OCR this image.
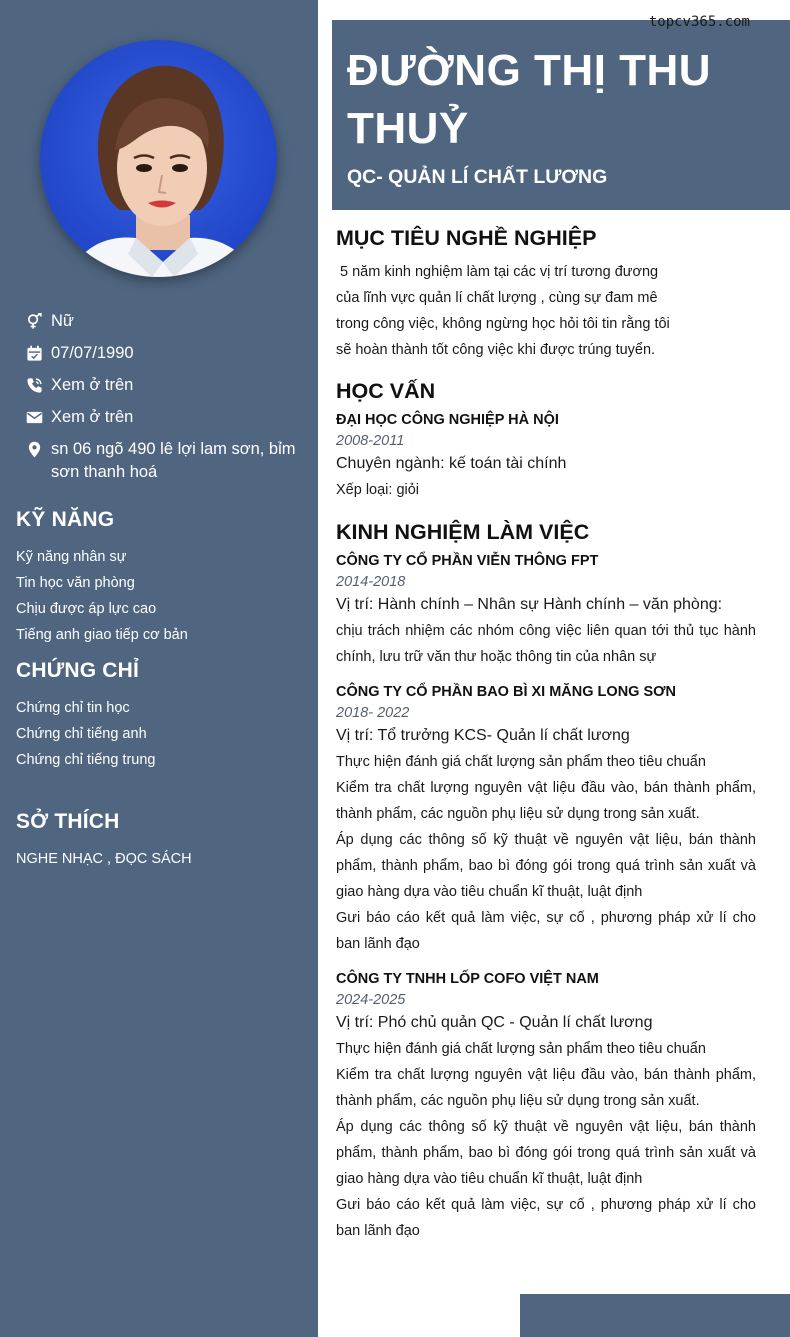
Nữ
07/07/1990
Xem ở trên
Xem ở trên
sn 06 ngõ 490 lê lợi lam sơn, bỉm sơn thanh hoá
KỸ NĂNG
Kỹ năng nhân sự
Tin học văn phòng
Chịu được áp lực cao
Tiếng anh giao tiếp cơ bản
CHỨNG CHỈ
Chứng chỉ tin học
Chứng chỉ tiếng anh
Chứng chỉ tiếng trung
SỞ THÍCH
NGHE NHẠC , ĐỌC SÁCH
ĐƯỜNG THỊ THU THUỶ
QC- QUẢN LÍ CHẤT LƯƠNG
MỤC TIÊU NGHỀ NGHIỆP
5 năm kinh nghiệm làm tại các vị trí tương đương
của lĩnh vực quản lí chất lượng , cùng sự đam mê
trong công việc, không ngừng học hỏi tôi tin rằng tôi
sẽ hoàn thành tốt công việc khi được trúng tuyển.
HỌC VẤN
ĐẠI HỌC CÔNG NGHIỆP HÀ NỘI
2008-2011
Chuyên ngành: kế toán tài chính
Xếp loại: giỏi
KINH NGHIỆM LÀM VIỆC
CÔNG TY CỔ PHẦN VIỄN THÔNG FPT
2014-2018
Vị trí: Hành chính – Nhân sự Hành chính – văn phòng:
chịu trách nhiệm các nhóm công việc liên quan tới thủ tục hành chính, lưu trữ văn thư hoặc thông tin của nhân sự
CÔNG TY CỔ PHẦN BAO BÌ XI MĂNG LONG SƠN
2018- 2022
Vị trí: Tổ trưởng KCS- Quản lí chất lương
Thực hiện đánh giá chất lượng sản phẩm theo tiêu chuẩn
Kiểm tra chất lượng nguyên vật liệu đầu vào, bán thành phẩm, thành phẩm, các nguồn phụ liệu sử dụng trong sản xuất.
Áp dụng các thông số kỹ thuật về nguyên vật liệu, bán thành phẩm, thành phẩm, bao bì đóng gói trong quá trình sản xuất và giao hàng dựa vào tiêu chuẩn kĩ thuật, luật định
Gưi báo cáo kết quả làm việc, sự cố , phương pháp xử lí cho ban lãnh đạo
CÔNG TY TNHH LỐP COFO VIỆT NAM
2024-2025
Vị trí: Phó chủ quản QC - Quản lí chất lương
Thực hiện đánh giá chất lượng sản phẩm theo tiêu chuẩn
Kiểm tra chất lượng nguyên vật liệu đầu vào, bán thành phẩm, thành phẩm, các nguồn phụ liệu sử dụng trong sản xuất.
Áp dụng các thông số kỹ thuật về nguyên vật liệu, bán thành phẩm, thành phẩm, bao bì đóng gói trong quá trình sản xuất và giao hàng dựa vào tiêu chuẩn kĩ thuật, luật định
Gưi báo cáo kết quả làm việc, sự cố , phương pháp xử lí cho ban lãnh đạo
topcv365.com
